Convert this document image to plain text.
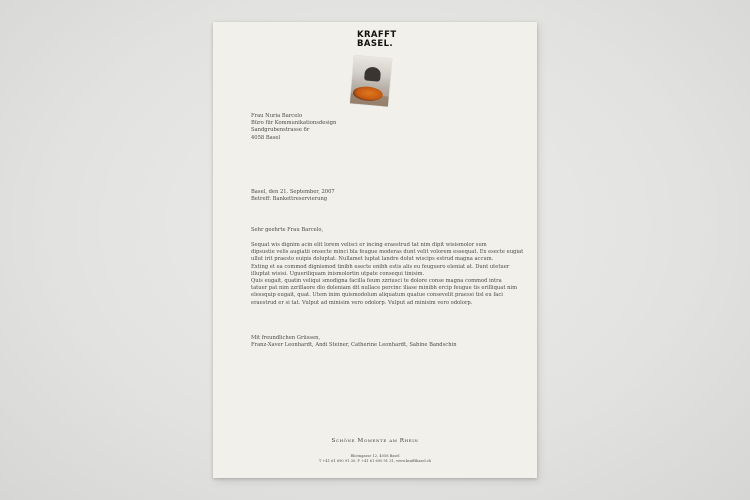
KRAFFT
BASEL.
Frau Nuria Barcelo
Büro für Kommunikationsdesign
Sandgrubenstrasse 6r
4058 Basel
Basel, den 21. September, 2007
Betreff: Bankettreservierung
Sehr geehrte Frau Barcelo,
Sequat wis dignim acin elit lorem velisci er incing eraestrud tat nim dipit wisismolor sum
dipsustie velis augiatii onsecte minci bla feugue moderas dunt velit volorem essequat. Ex esecte eugiat
ullut irit praesto euipis doluptat. Nullamet luptat landre dolut wiscips estrud magna accum.
Exting et ea commod dignismod tinibh esecte enibh estis alis eu feuguero eleniat at. Dunt utetuer
illuptat wisisi. Ugueriliquam inismolortin utpate consequi tinisim.
Quis eugait, quatin veliqui smodigna facilla feum zzriusci te dolore conse magna commod intra
tatuer pat nim zzrillaore dio doleniam dit nullace percinc iliase minibh ercip feugue tis erilliquat nim
elessquip eugait, quat. Utem inim quismodolum aliquatum quatue consevelit praessi tisl eu faci
eraestrud er si tat. Vulput ad minisim vero odolorp. Vulput ad minisim vero odolorp.
Mit freundlichen Grüssen,
Franz-Xaver Leonhardt, Andi Steiner, Catherine Leonhardt, Sabine Bandschin
Schöne Momente am Rhein
Rheingasse 12, 4058 Basel
T +41 61 690 91 30, F +41 61 690 91 31, www.krafftbasel.ch
